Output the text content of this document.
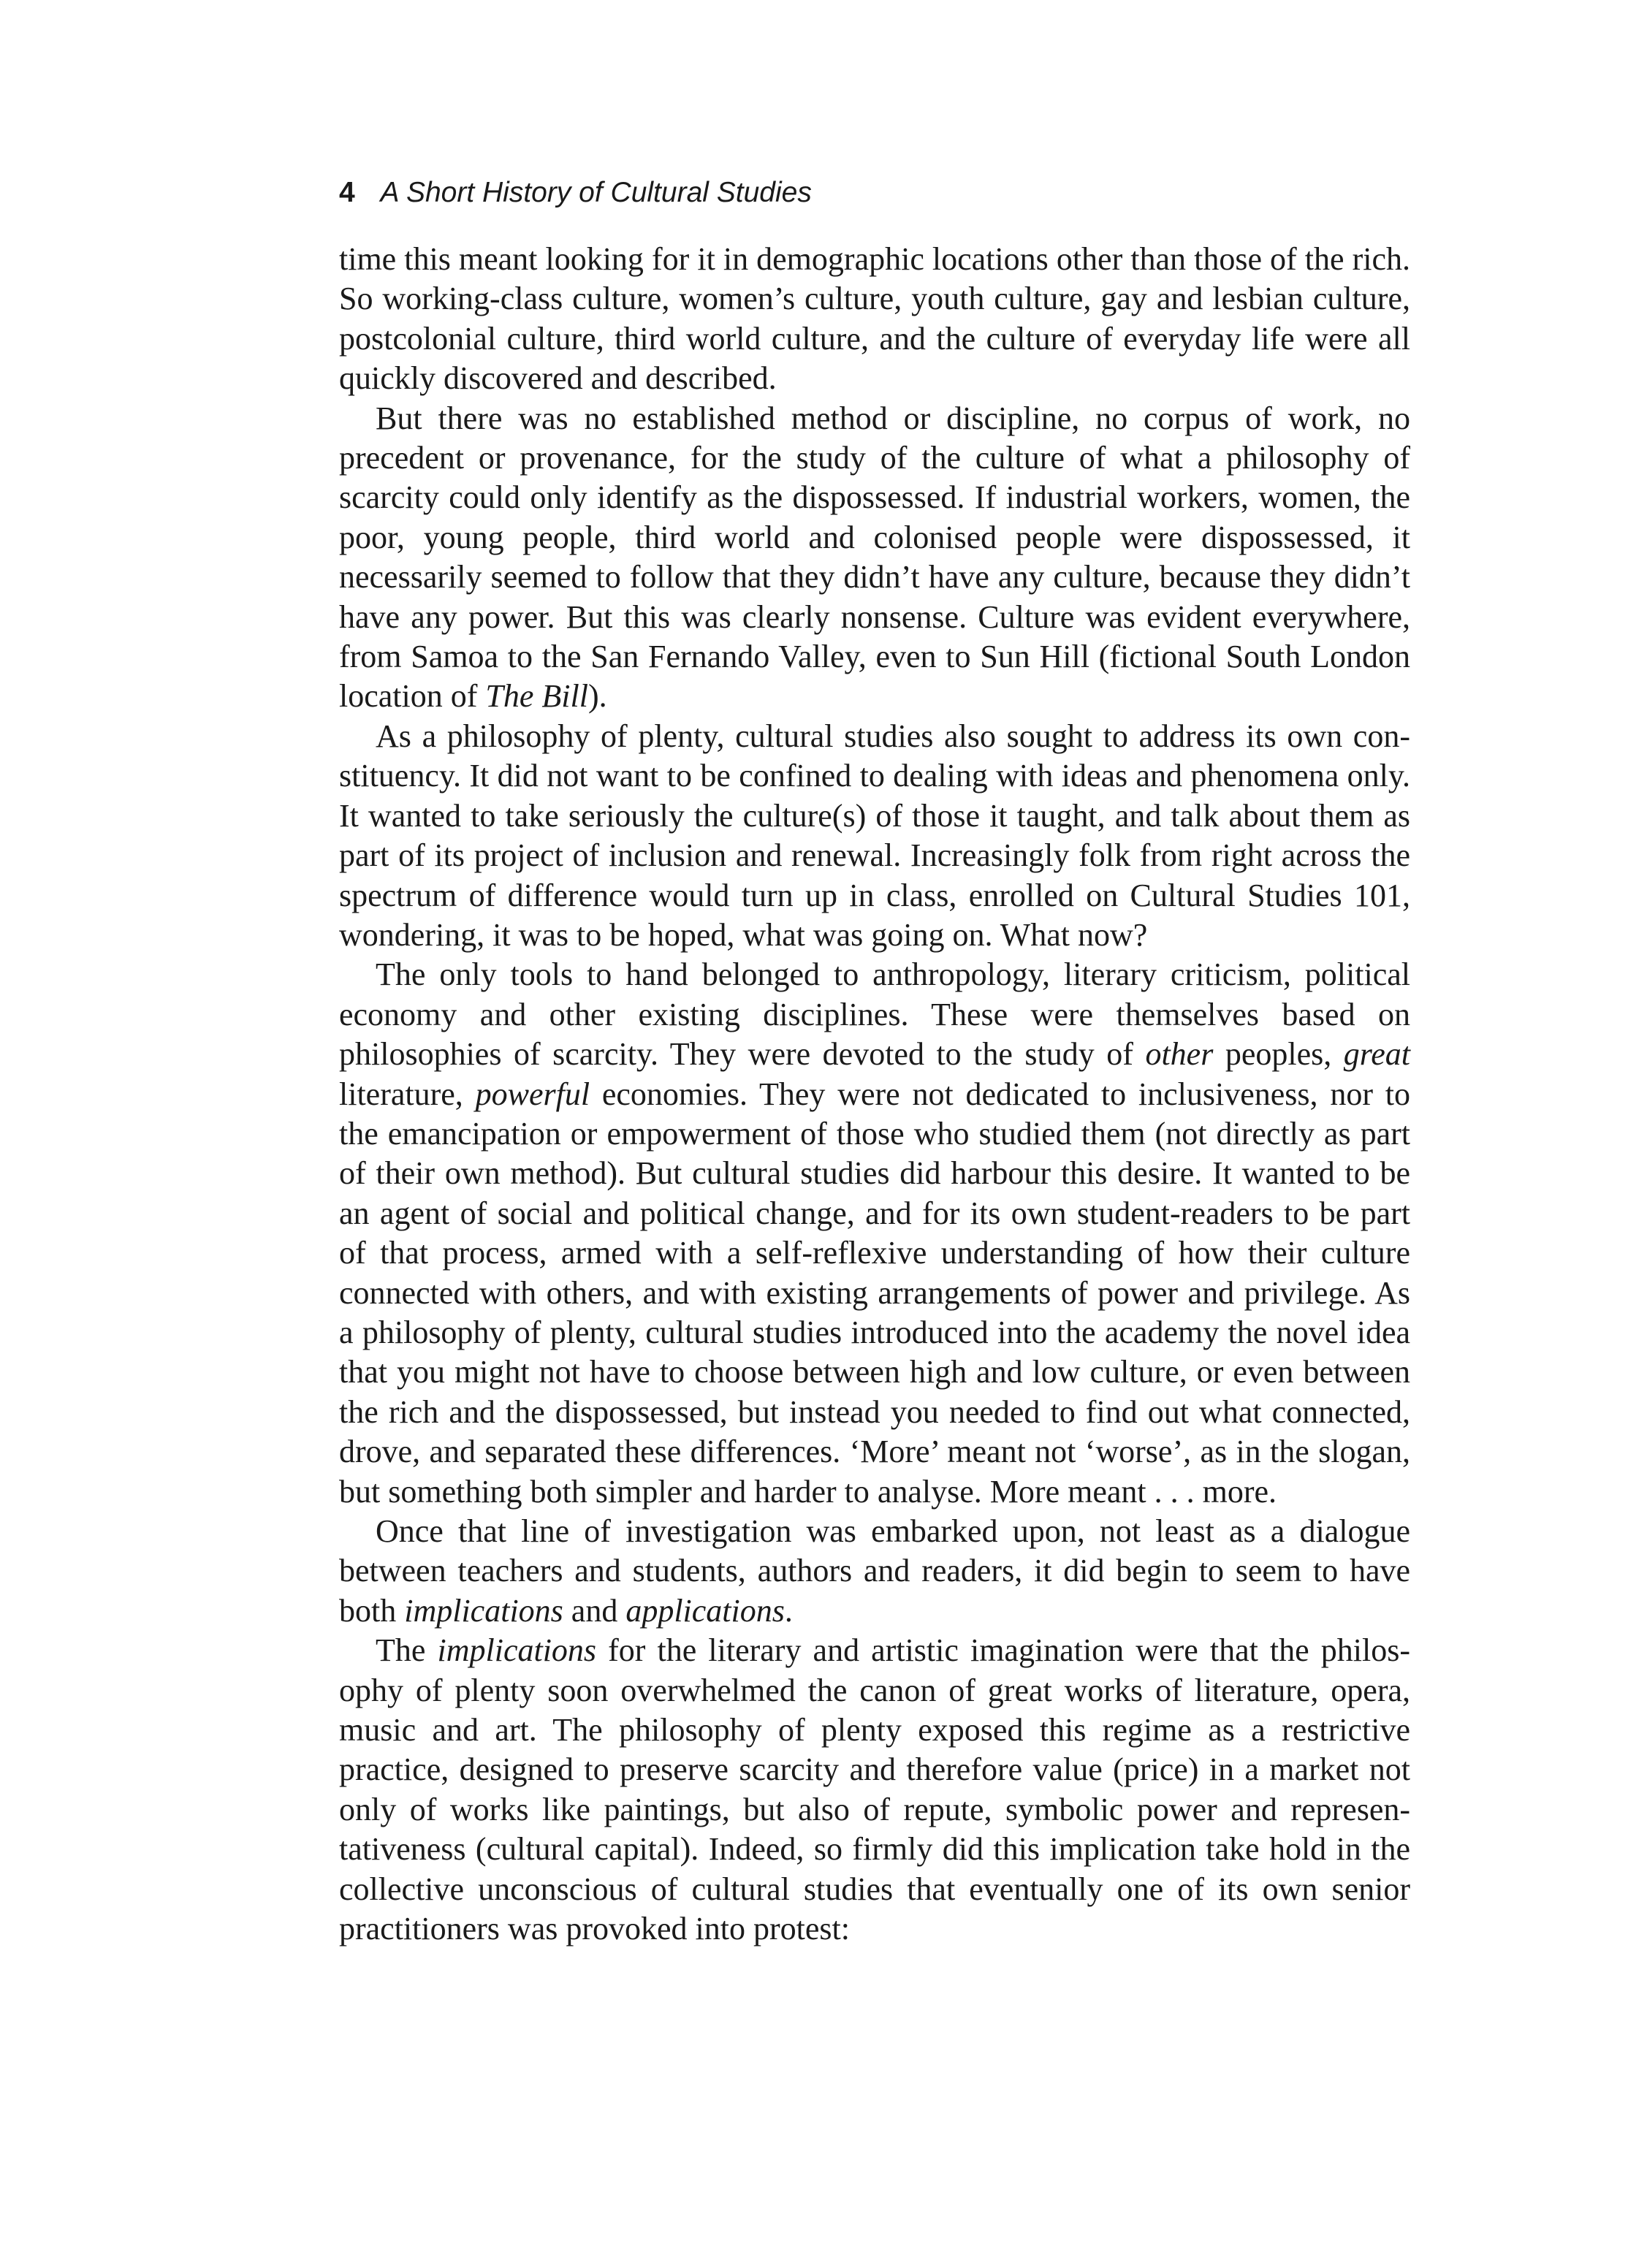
4 A Short History of Cultural Studies

time this meant looking for it in demographic locations other than those of the rich. So working-class culture, women’s culture, youth culture, gay and lesbian culture, postcolonial culture, third world culture, and the culture of everyday life were all quickly discovered and described.

But there was no established method or discipline, no corpus of work, no precedent or provenance, for the study of the culture of what a philosophy of scarcity could only identify as the dispossessed. If industrial workers, women, the poor, young people, third world and colonised people were dispossessed, it necessarily seemed to follow that they didn’t have any culture, because they didn’t have any power. But this was clearly nonsense. Culture was evident everywhere, from Samoa to the San Fernando Valley, even to Sun Hill (fictional South London location of The Bill).

As a philosophy of plenty, cultural studies also sought to address its own constituency. It did not want to be confined to dealing with ideas and phenomena only. It wanted to take seriously the culture(s) of those it taught, and talk about them as part of its project of inclusion and renewal. Increasingly folk from right across the spectrum of difference would turn up in class, enrolled on Cultural Studies 101, wondering, it was to be hoped, what was going on. What now?

The only tools to hand belonged to anthropology, literary criticism, political economy and other existing disciplines. These were themselves based on philosophies of scarcity. They were devoted to the study of other peoples, great literature, powerful economies. They were not dedicated to inclusiveness, nor to the emancipation or empowerment of those who studied them (not directly as part of their own method). But cultural studies did harbour this desire. It wanted to be an agent of social and political change, and for its own student-readers to be part of that process, armed with a self-reflexive understanding of how their culture connected with others, and with existing arrangements of power and privilege. As a philosophy of plenty, cultural studies introduced into the academy the novel idea that you might not have to choose between high and low culture, or even between the rich and the dispossessed, but instead you needed to find out what connected, drove, and separated these differences. ‘More’ meant not ‘worse’, as in the slogan, but something both simpler and harder to analyse. More meant . . . more.

Once that line of investigation was embarked upon, not least as a dialogue between teachers and students, authors and readers, it did begin to seem to have both implications and applications.

The implications for the literary and artistic imagination were that the philosophy of plenty soon overwhelmed the canon of great works of literature, opera, music and art. The philosophy of plenty exposed this regime as a restrictive practice, designed to preserve scarcity and therefore value (price) in a market not only of works like paintings, but also of repute, symbolic power and representativeness (cultural capital). Indeed, so firmly did this implication take hold in the collective unconscious of cultural studies that eventually one of its own senior practitioners was provoked into protest:
